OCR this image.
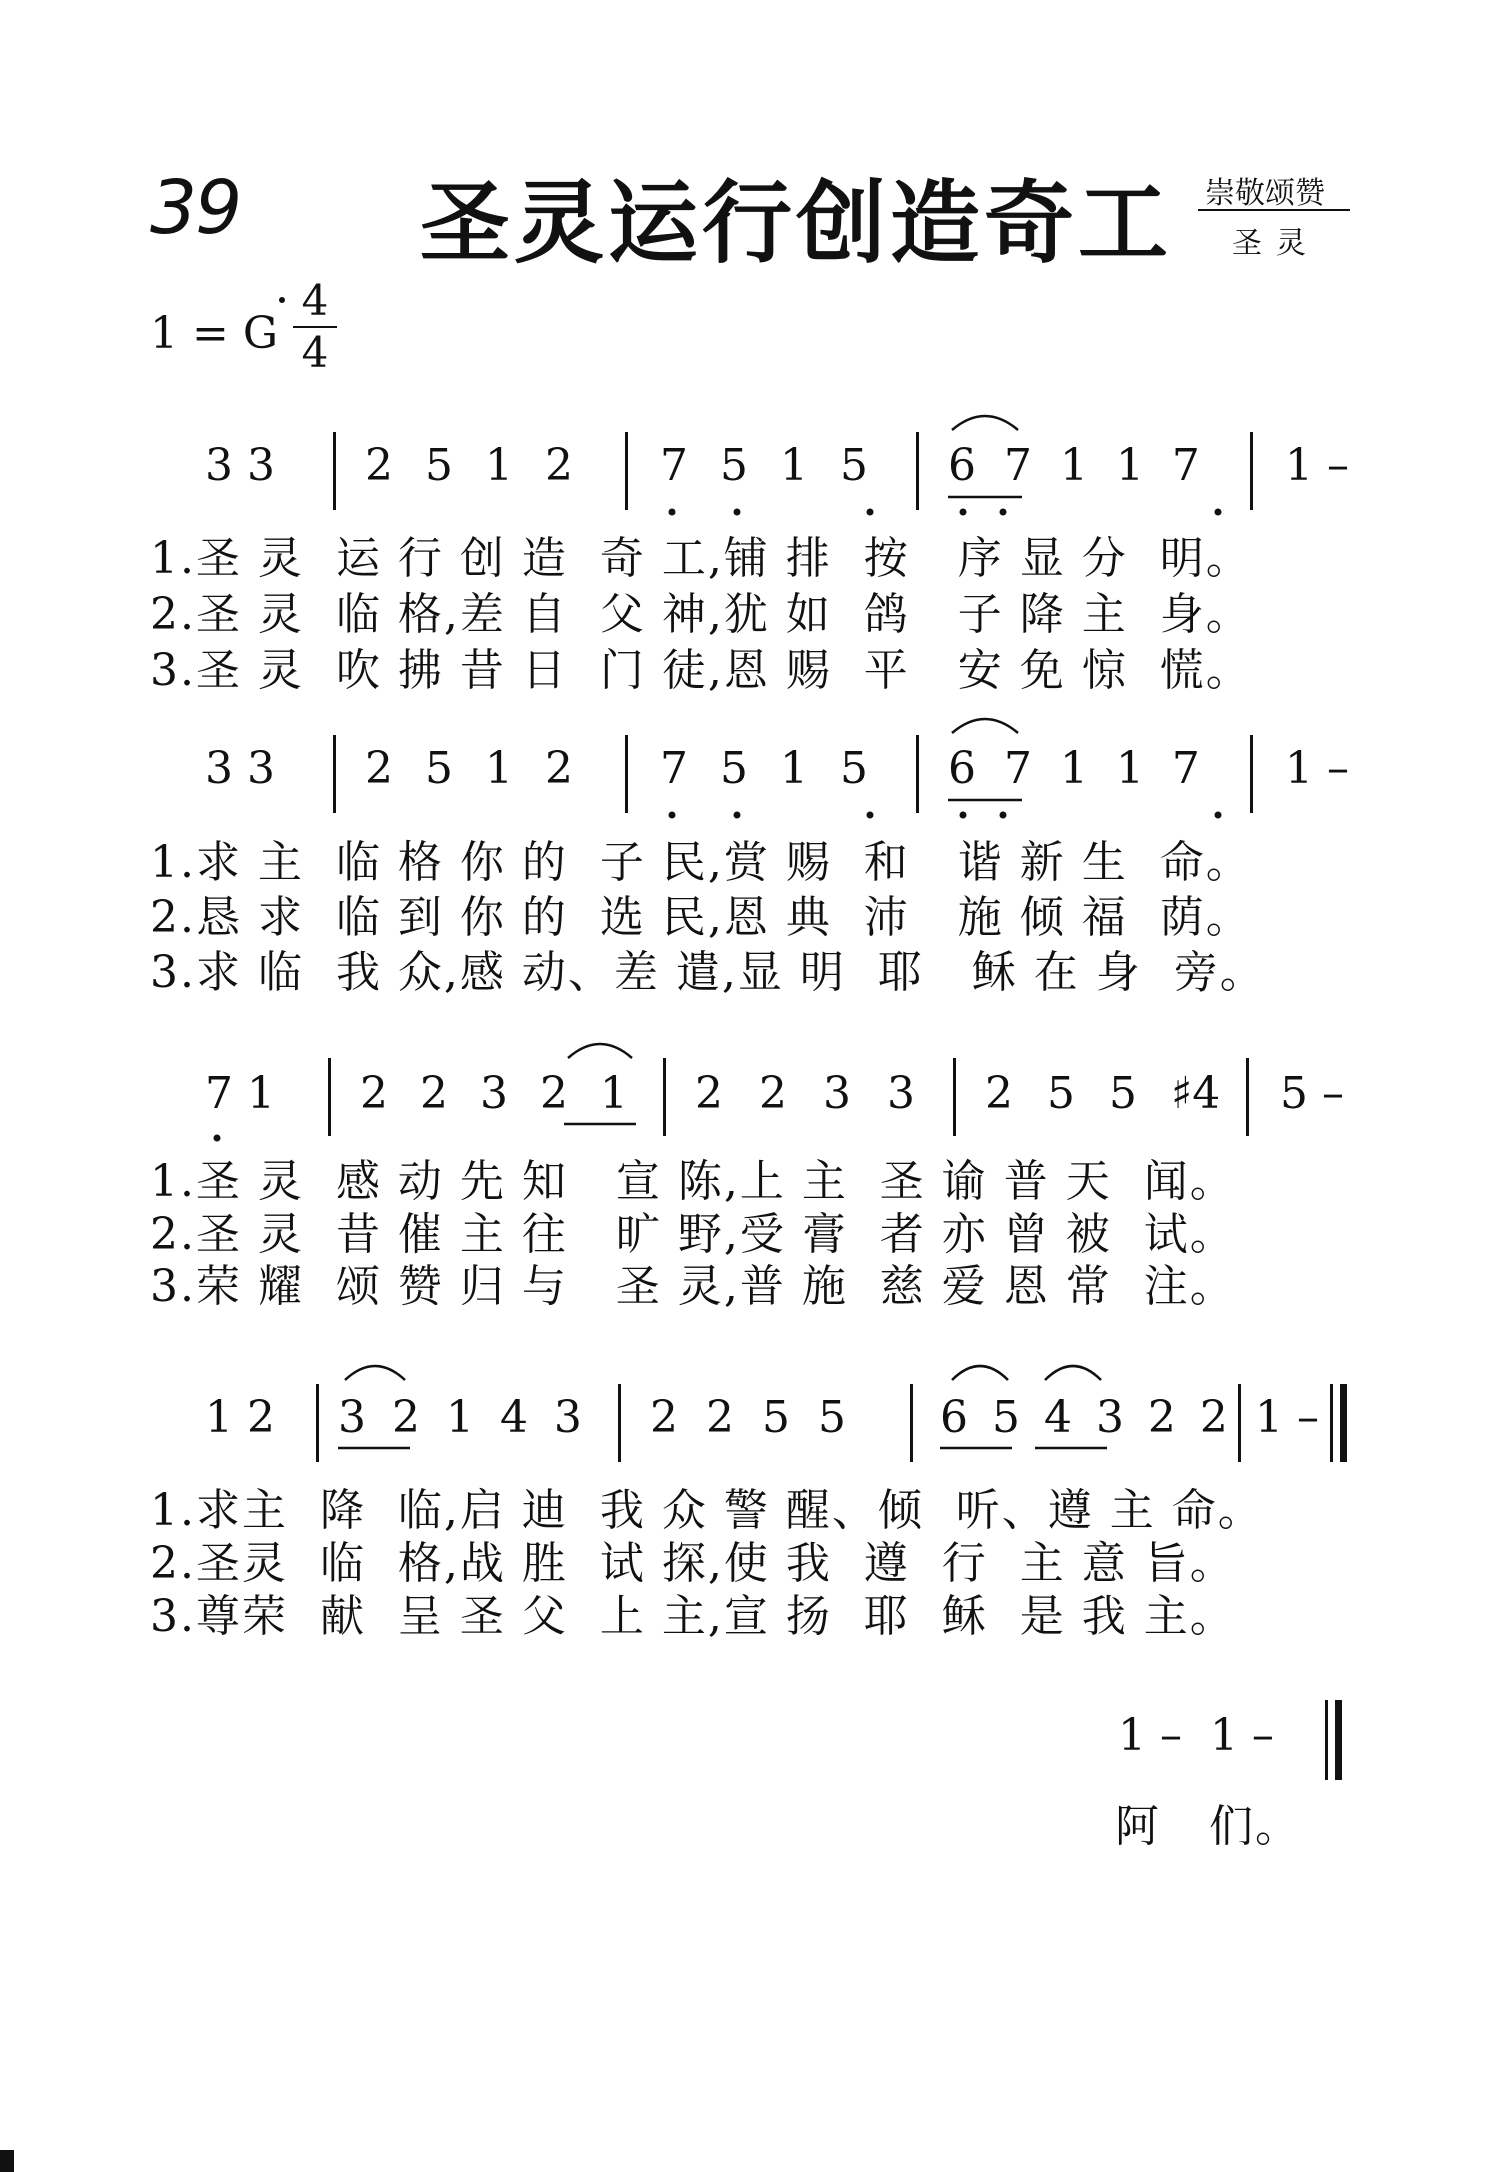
39 圣灵运行创造奇工 崇敬颂赞
圣灵
1 = G
4
4
3 3 2 5 1 2 7 5 1 5 6 7 1 1 7 1 –
1.圣 灵  运 行 创 造  奇 工,铺 排  按   序 显 分  明。
2.圣 灵  临 格,差 自  父 神,犹 如  鸽   子 降 主  身。
3.圣 灵  吹 拂 昔 日  门 徒,恩 赐  平   安 免 惊  慌。
3 3 2 5 1 2 7 5 1 5 6 7 1 1 7 1 –
1.求 主  临 格 你 的  子 民,赏 赐  和   谐 新 生  命。
2.恳 求  临 到 你 的  选 民,恩 典  沛   施 倾 福  荫。
3.求 临  我 众,感 动、差 遣,显 明  耶   稣 在 身  旁。
7 1 2 2 3 2 1 2 2 3 3 2 5 5 ♯4 5 –
1.圣 灵  感 动 先 知   宣 陈,上 主  圣 谕 普 天  闻。
2.圣 灵  昔 催 主 往   旷 野,受 膏  者 亦 曾 被  试。
3.荣 耀  颂 赞 归 与   圣 灵,普 施  慈 爱 恩 常  注。
1 2 3 2 1 4 3 2 2 5 5 6 5 4 3 2 2 1 –
1.求主  降  临,启 迪  我 众 警 醒、倾  听、遵 主 命。
2.圣灵  临  格,战 胜  试 探,使 我  遵  行  主 意 旨。
3.尊荣  献  呈 圣 父  上 主,宣 扬  耶  稣  是 我 主。
1 –  1 –
阿   们。
